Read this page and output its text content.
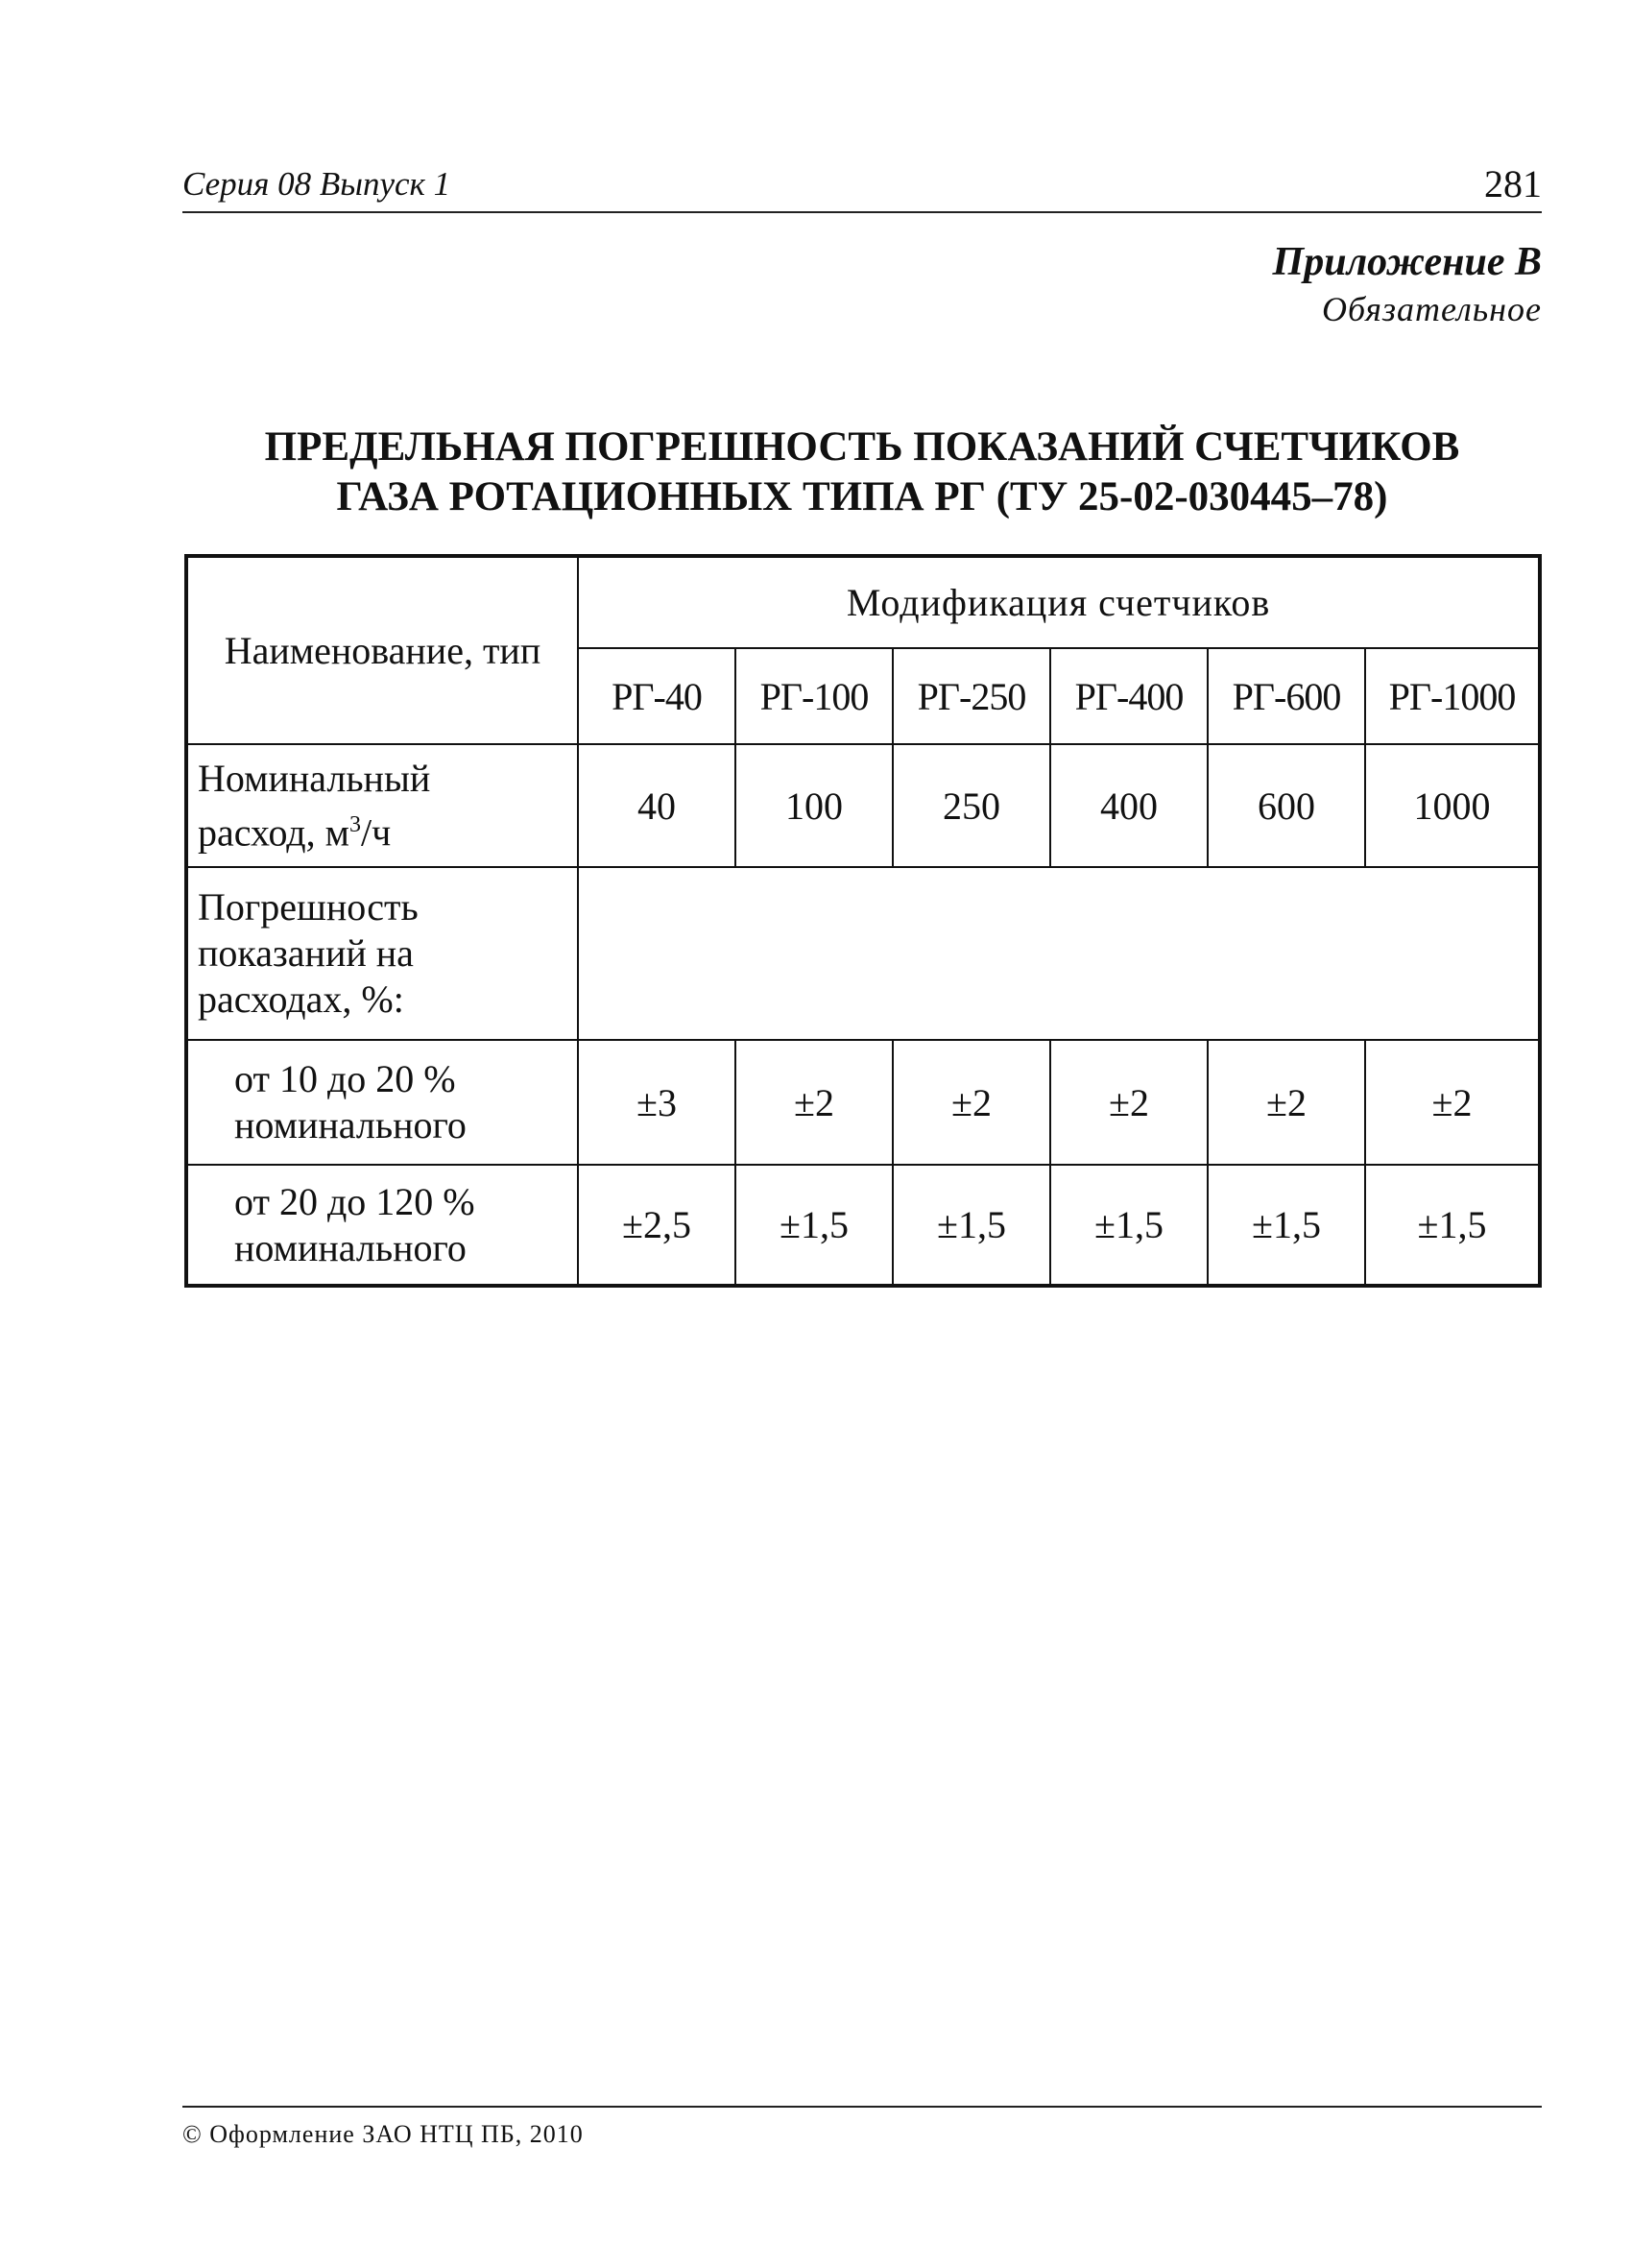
Серия 08 Выпуск 1	281
Приложение В
Обязательное
ПРЕДЕЛЬНАЯ ПОГРЕШНОСТЬ ПОКАЗАНИЙ СЧЕТЧИКОВ
ГАЗА РОТАЦИОННЫХ ТИПА РГ (ТУ 25-02-030445–78)
Наименование, тип	Модификация счетчиков					
	РГ-40	РГ-100	РГ-250	РГ-400	РГ-600	РГ-1000
Номинальный
расход, $м^3/ч$	40	100	250	400	600	1000
Погрешность показаний на расходах, %:						
от 10 до 20 % номинального	±3	±2	±2	±2	±2	±2
от 20 до 120 % номинального	±2,5	±1,5	±1,5	±1,5	±1,5	±1,5
© Оформление ЗАО НТЦ ПБ, 2010
